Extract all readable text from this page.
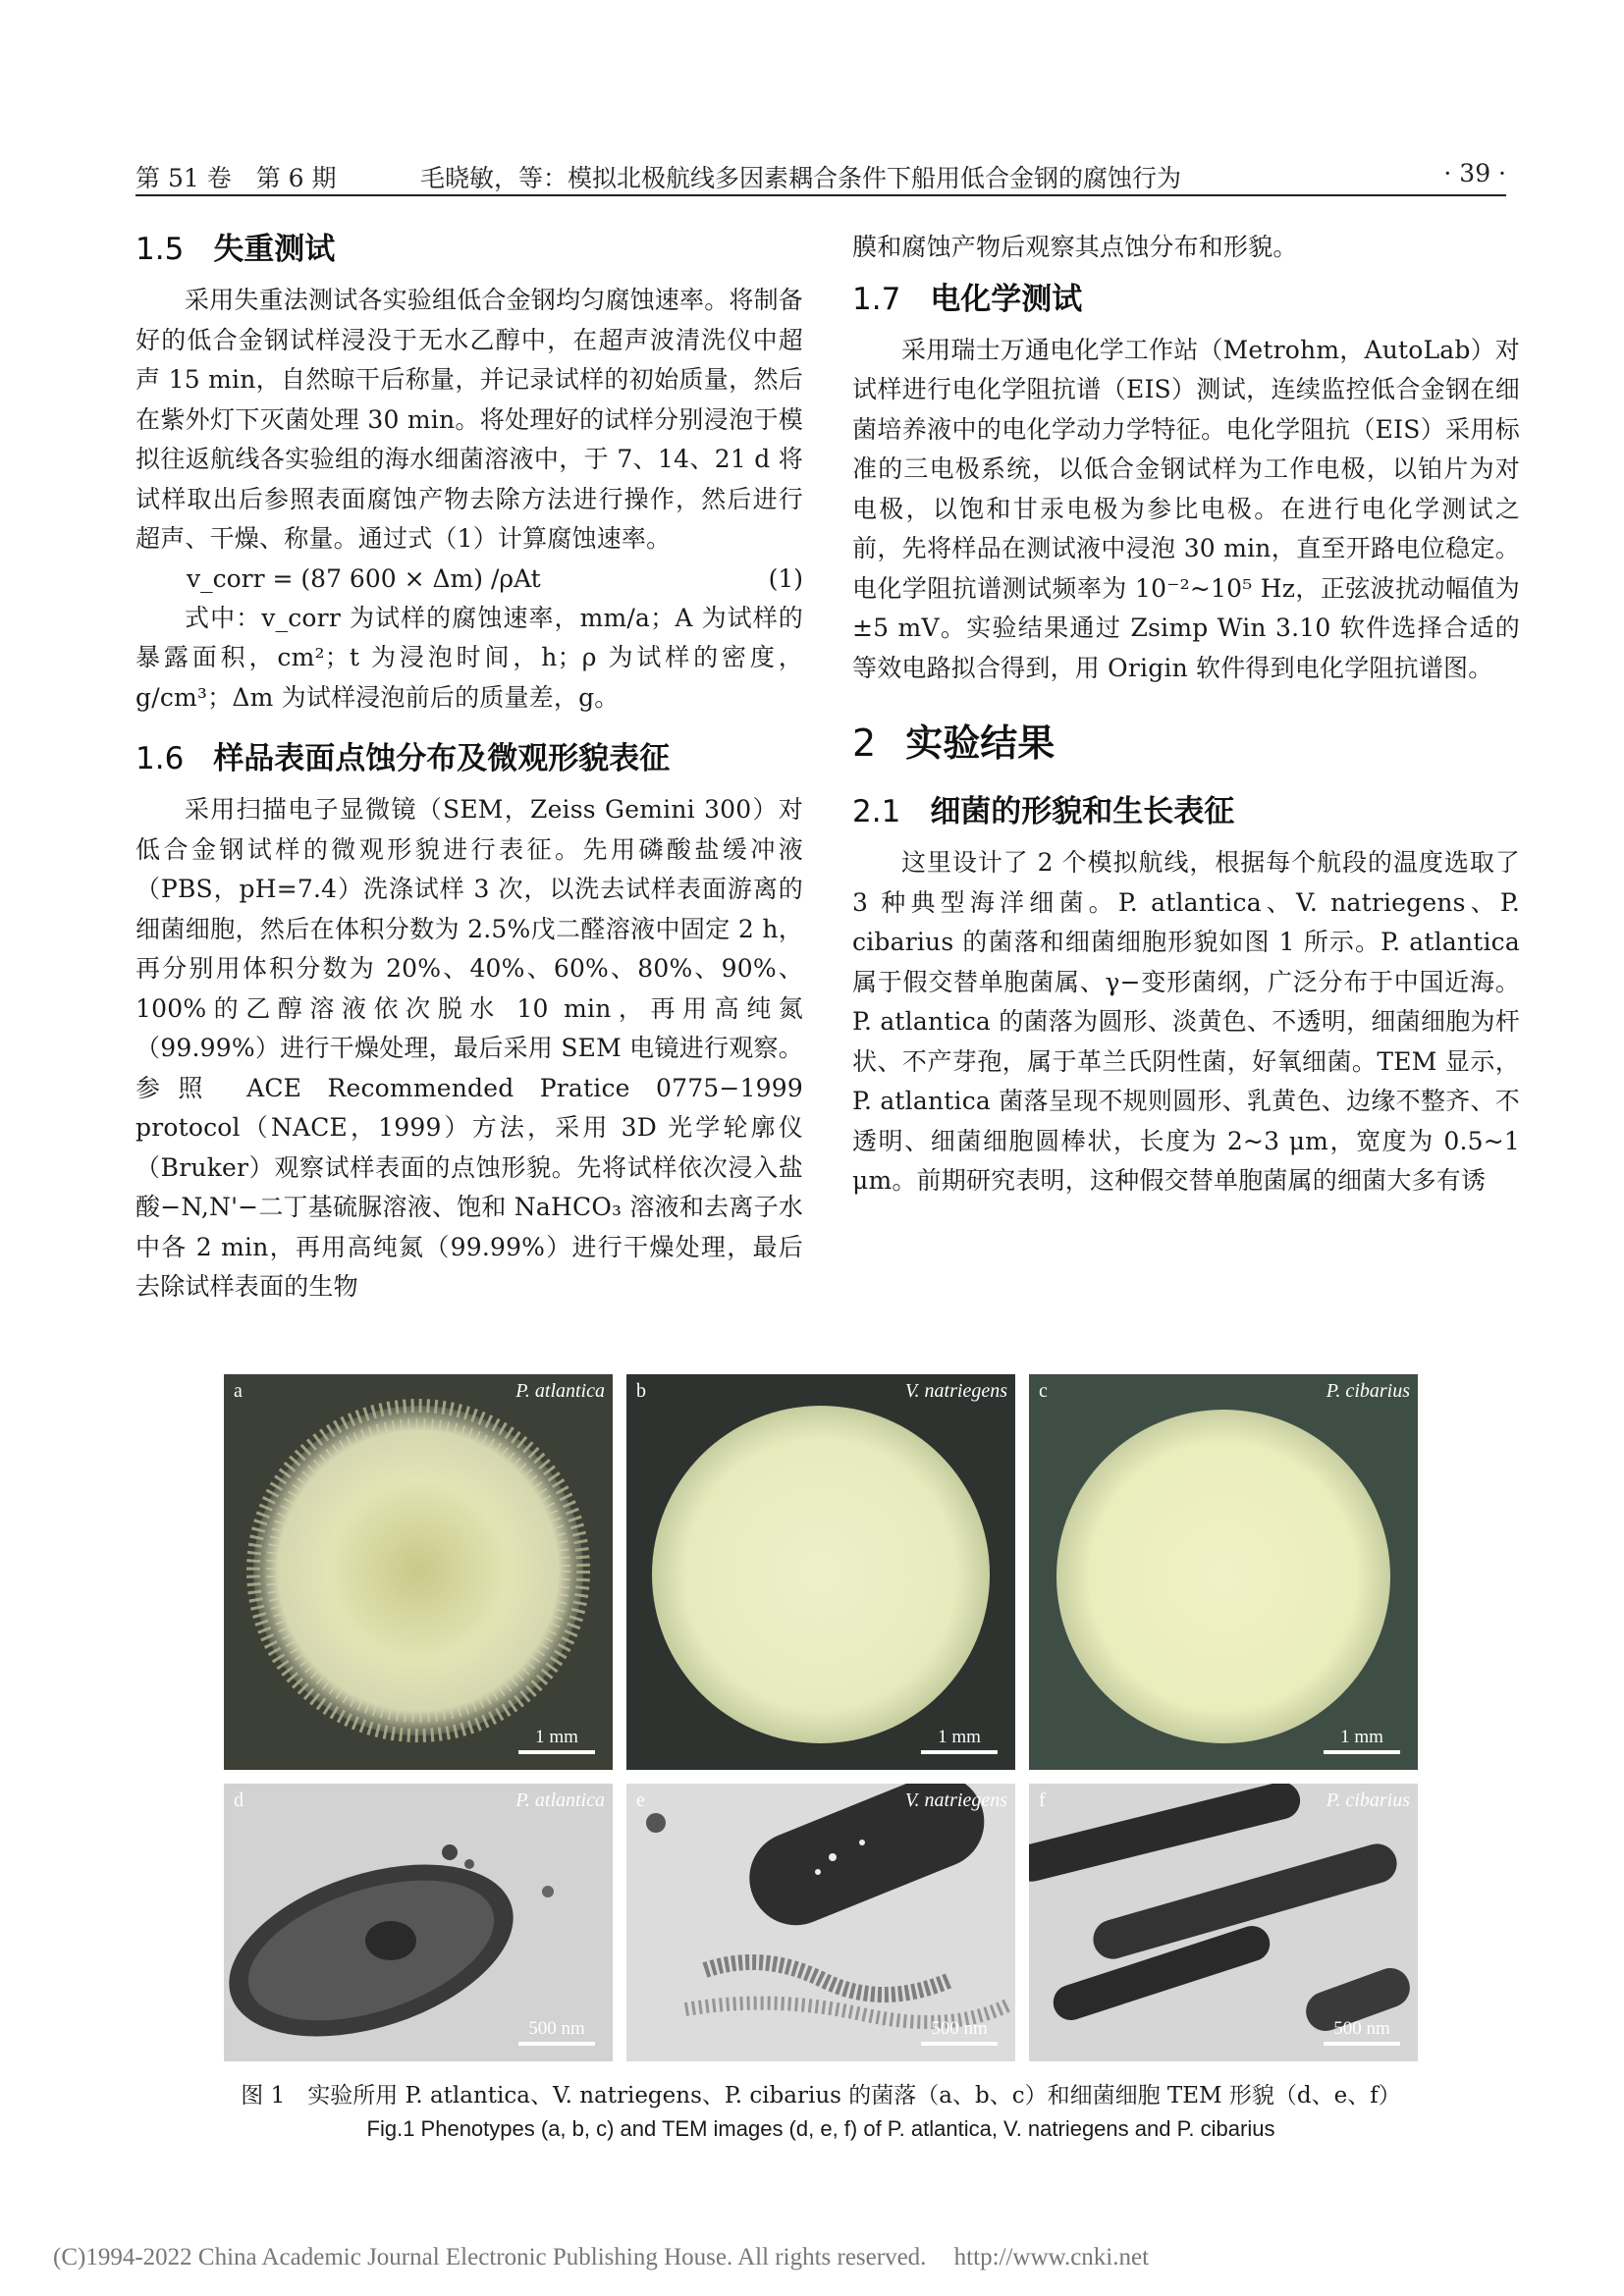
第 51 卷　第 6 期	毛晓敏，等：模拟北极航线多因素耦合条件下船用低合金钢的腐蚀行为	· 39 ·
1.5 失重测试

采用失重法测试各实验组低合金钢均匀腐蚀速率。将制备好的低合金钢试样浸没于无水乙醇中，在超声波清洗仪中超声 15 min，自然晾干后称量，并记录试样的初始质量，然后在紫外灯下灭菌处理 30 min。将处理好的试样分别浸泡于模拟往返航线各实验组的海水细菌溶液中，于 7、14、21 d 将试样取出后参照表面腐蚀产物去除方法进行操作，然后进行超声、干燥、称量。通过式（1）计算腐蚀速率。

v_corr = (87 600 × Δm) /ρAt	(1)

式中：v_corr 为试样的腐蚀速率，mm/a；A 为试样的暴露面积，cm²；t 为浸泡时间，h；ρ 为试样的密度，g/cm³；Δm 为试样浸泡前后的质量差，g。

1.6 样品表面点蚀分布及微观形貌表征

采用扫描电子显微镜（SEM，Zeiss Gemini 300）对低合金钢试样的微观形貌进行表征。先用磷酸盐缓冲液（PBS，pH=7.4）洗涤试样 3 次，以洗去试样表面游离的细菌细胞，然后在体积分数为 2.5%戊二醛溶液中固定 2 h，再分别用体积分数为 20%、40%、60%、80%、90%、100%的乙醇溶液依次脱水 10 min，再用高纯氮（99.99%）进行干燥处理，最后采用 SEM 电镜进行观察。参照 ACE Recommended Pratice 0775−1999 protocol（NACE，1999）方法，采用 3D 光学轮廓仪（Bruker）观察试样表面的点蚀形貌。先将试样依次浸入盐酸−N,N'−二丁基硫脲溶液、饱和 NaHCO₃ 溶液和去离子水中各 2 min，再用高纯氮（99.99%）进行干燥处理，最后去除试样表面的生物

膜和腐蚀产物后观察其点蚀分布和形貌。

1.7 电化学测试

采用瑞士万通电化学工作站（Metrohm，AutoLab）对试样进行电化学阻抗谱（EIS）测试，连续监控低合金钢在细菌培养液中的电化学动力学特征。电化学阻抗（EIS）采用标准的三电极系统，以低合金钢试样为工作电极，以铂片为对电极，以饱和甘汞电极为参比电极。在进行电化学测试之前，先将样品在测试液中浸泡 30 min，直至开路电位稳定。电化学阻抗谱测试频率为 10⁻²~10⁵ Hz，正弦波扰动幅值为±5 mV。实验结果通过 Zsimp Win 3.10 软件选择合适的等效电路拟合得到，用 Origin 软件得到电化学阻抗谱图。

2 实验结果
2.1 细菌的形貌和生长表征

这里设计了 2 个模拟航线，根据每个航段的温度选取了 3 种典型海洋细菌。P. atlantica、V. natriegens、P. cibarius 的菌落和细菌细胞形貌如图 1 所示。P. atlantica 属于假交替单胞菌属、γ−变形菌纲，广泛分布于中国近海。P. atlantica 的菌落为圆形、淡黄色、不透明，细菌细胞为杆状、不产芽孢，属于革兰氏阴性菌，好氧细菌。TEM 显示，P. atlantica 菌落呈现不规则圆形、乳黄色、边缘不整齐、不透明、细菌细胞圆棒状，长度为 2~3 μm，宽度为 0.5~1 μm。前期研究表明，这种假交替单胞菌属的细菌大多有诱

a	P. atlantica
1 mm
b	V. natriegens
1 mm
c	P. cibarius
1 mm
d	P. atlantica
500 nm
e	V. natriegens
500 nm
f	P. cibarius
500 nm
图 1　实验所用 P. atlantica、V. natriegens、P. cibarius 的菌落（a、b、c）和细菌细胞 TEM 形貌（d、e、f）
Fig.1 Phenotypes (a, b, c) and TEM images (d, e, f) of P. atlantica, V. natriegens and P. cibarius
(C)1994-2022 China Academic Journal Electronic Publishing House. All rights reserved. http://www.cnki.net
